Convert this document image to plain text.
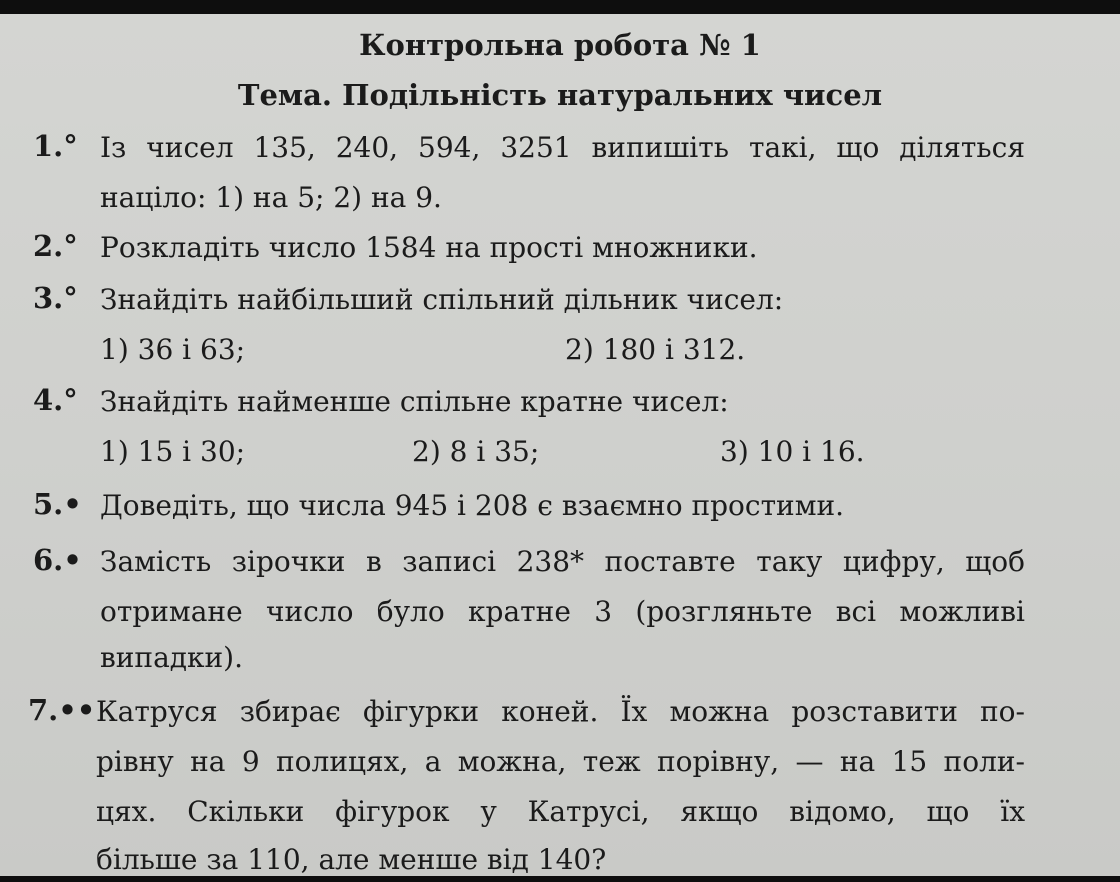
Контрольна робота № 1
Тема. Подільність натуральних чисел
1.° Із чисел 135, 240, 594, 3251 випишіть такі, що діляться
націло: 1) на 5; 2) на 9.
2.° Розкладіть число 1584 на прості множники.
3.° Знайдіть найбільший спільний дільник чисел:
1) 36 і 63;	2) 180 і 312.
4.° Знайдіть найменше спільне кратне чисел:
1) 15 і 30;	2) 8 і 35;	3) 10 і 16.
5.• Доведіть, що числа 945 і 208 є взаємно простими.
6.• Замість зірочки в записі 238* поставте таку цифру, щоб
отримане число було кратне 3 (розгляньте всі можливі
випадки).
7.•• Катруся збирає фігурки коней. Їх можна розставити по-
рівну на 9 полицях, а можна, теж порівну, — на 15 поли-
цях. Скільки фігурок у Катрусі, якщо відомо, що їх
більше за 110, але менше від 140?
